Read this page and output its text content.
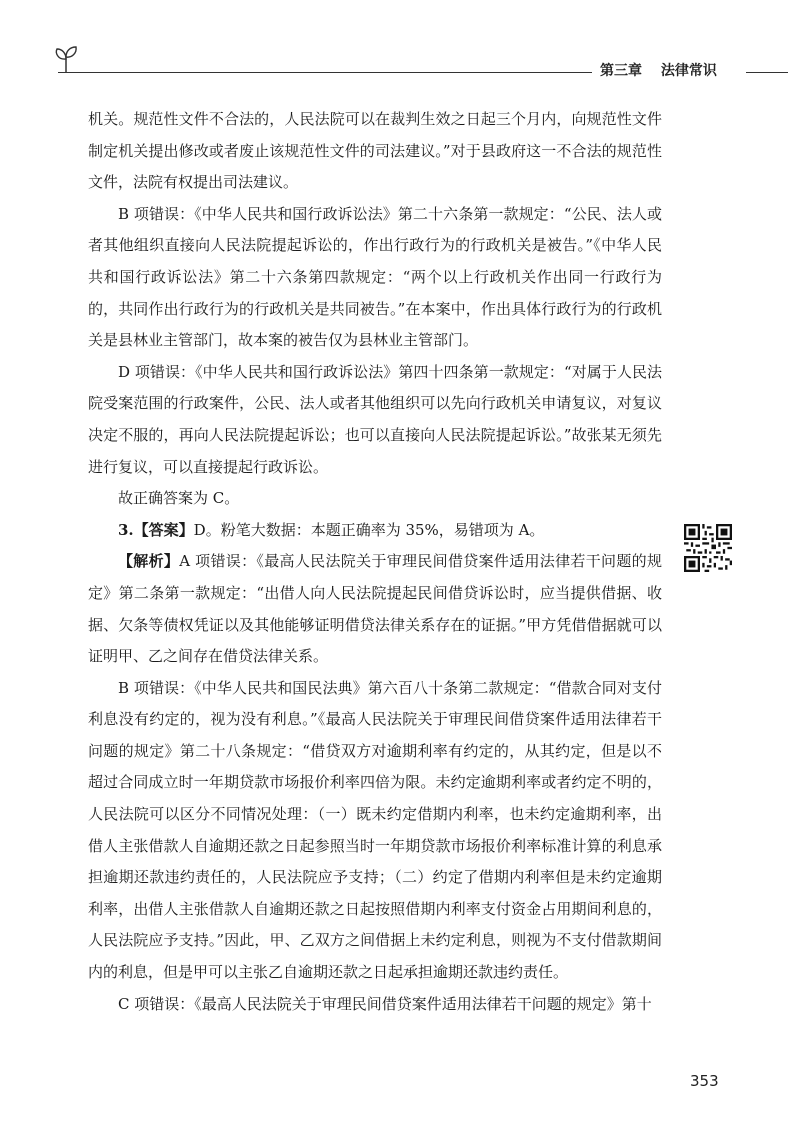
第三章 法律常识

机关。规范性文件不合法的，人民法院可以在裁判生效之日起三个月内，向规范性文件制定机关提出修改或者废止该规范性文件的司法建议。”对于县政府这一不合法的规范性文件，法院有权提出司法建议。

B 项错误：《中华人民共和国行政诉讼法》第二十六条第一款规定：“公民、法人或者其他组织直接向人民法院提起诉讼的，作出行政行为的行政机关是被告。”《中华人民共和国行政诉讼法》第二十六条第四款规定：“两个以上行政机关作出同一行政行为的，共同作出行政行为的行政机关是共同被告。”在本案中，作出具体行政行为的行政机关是县林业主管部门，故本案的被告仅为县林业主管部门。

D 项错误：《中华人民共和国行政诉讼法》第四十四条第一款规定：“对属于人民法院受案范围的行政案件，公民、法人或者其他组织可以先向行政机关申请复议，对复议决定不服的，再向人民法院提起诉讼；也可以直接向人民法院提起诉讼。”故张某无须先进行复议，可以直接提起行政诉讼。

故正确答案为 C。

3.【答案】D。粉笔大数据：本题正确率为 35%，易错项为 A。

【解析】A 项错误：《最高人民法院关于审理民间借贷案件适用法律若干问题的规定》第二条第一款规定：“出借人向人民法院提起民间借贷诉讼时，应当提供借据、收据、欠条等债权凭证以及其他能够证明借贷法律关系存在的证据。”甲方凭借借据就可以证明甲、乙之间存在借贷法律关系。

B 项错误：《中华人民共和国民法典》第六百八十条第二款规定：“借款合同对支付利息没有约定的，视为没有利息。”《最高人民法院关于审理民间借贷案件适用法律若干问题的规定》第二十八条规定：“借贷双方对逾期利率有约定的，从其约定，但是以不超过合同成立时一年期贷款市场报价利率四倍为限。未约定逾期利率或者约定不明的，人民法院可以区分不同情况处理：（一）既未约定借期内利率，也未约定逾期利率，出借人主张借款人自逾期还款之日起参照当时一年期贷款市场报价利率标准计算的利息承担逾期还款违约责任的，人民法院应予支持；（二）约定了借期内利率但是未约定逾期利率，出借人主张借款人自逾期还款之日起按照借期内利率支付资金占用期间利息的，人民法院应予支持。”因此，甲、乙双方之间借据上未约定利息，则视为不支付借款期间内的利息，但是甲可以主张乙自逾期还款之日起承担逾期还款违约责任。

C 项错误：《最高人民法院关于审理民间借贷案件适用法律若干问题的规定》第十

353
